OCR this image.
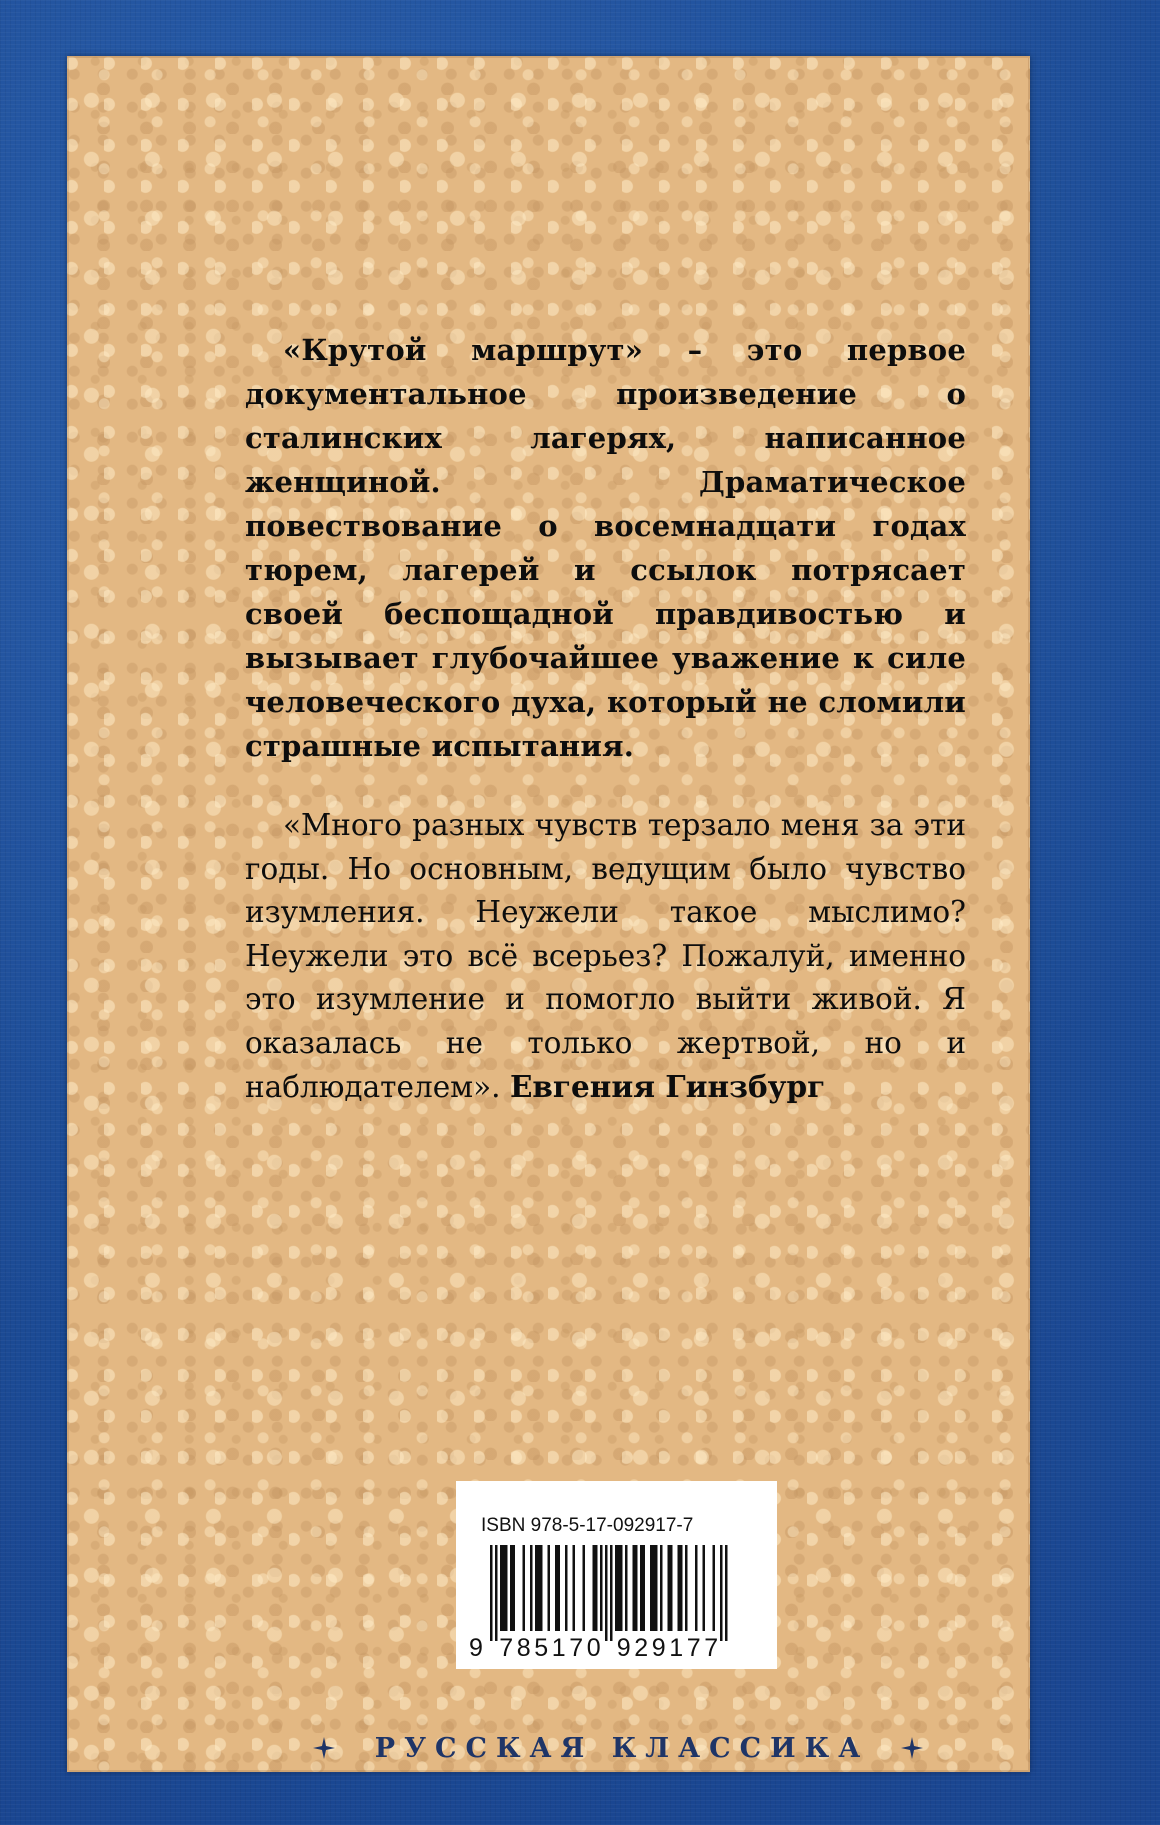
«Крутой маршрут» – это первое документальное произведение о сталинских лагерях, написанное женщиной. Драматическое повествование о восемнадцати годах тюрем, лагерей и ссылок потрясает своей беспощадной правдивостью и вызывает глубочайшее уважение к силе человеческого духа, который не сломили страшные испытания.

«Много разных чувств терзало меня за эти годы. Но основным, ведущим было чувство изумления. Неужели такое мыслимо? Неужели это всё всерьез? Пожалуй, именно это изумление и помогло выйти живой. Я оказалась не только жертвой, но и наблюдателем». Евгения Гинзбург

ISBN 978-5-17-092917-7

9 7 8 5 1 7 0 9 2 9 1 7 7
РУССКАЯ КЛАССИКА
